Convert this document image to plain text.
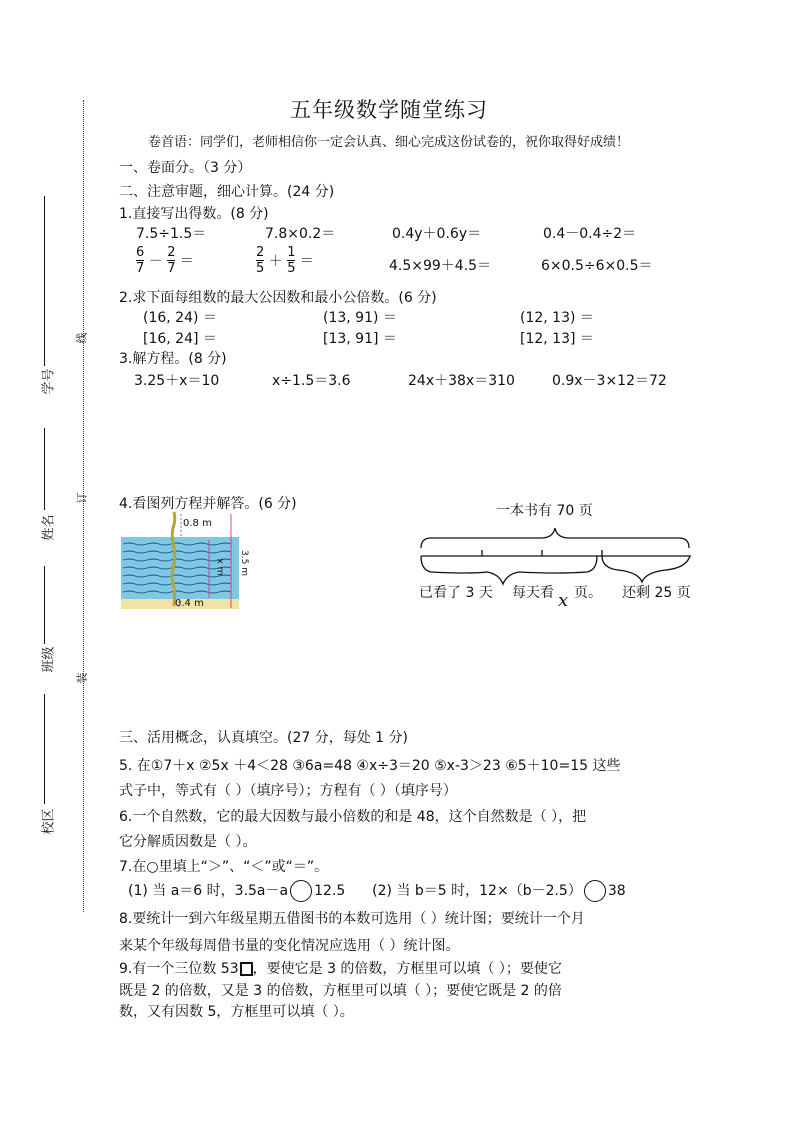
学号
姓名
班级
校区
线
订
装
五年级数学随堂练习
卷首语：同学们，老师相信你一定会认真、细心完成这份试卷的，祝你取得好成绩！
一、卷面分。（3 分）
二、注意审题，细心计算。(24 分)
1.直接写出得数。(8 分)
7.5÷1.5＝	7.8×0.2＝	0.4y＋0.6y＝	0.4－0.4÷2＝
$\frac{6}{7} - \frac{2}{7}$ ＝	$\frac{2}{5} + \frac{1}{5}$ ＝	4.5×99＋4.5＝	6×0.5÷6×0.5＝
2.求下面每组数的最大公因数和最小公倍数。(6 分)
(16, 24) ＝	(13, 91) ＝	(12, 13) ＝
[16, 24] ＝	[13, 91] ＝	[12, 13] ＝
3.解方程。(8 分)
3.25＋x＝10	x÷1.5＝3.6	24x＋38x＝310	0.9x－3×12＝72
4.看图列方程并解答。(6 分)
0.8 m
x m 3.5 m
0.4 m
一本书有 70 页
已看了 3 天 每天看 x 页。 还剩 25 页
三、活用概念，认真填空。(27 分，每处 1 分)
5. 在①7＋x ②5x ＋4＜28 ③6a=48 ④x÷3＝20 ⑤x-3＞23 ⑥5＋10=15 这些
式子中，等式有（ ）（填序号）；方程有（ ）（填序号）
6.一个自然数，它的最大因数与最小倍数的和是 48，这个自然数是（ ），把
它分解质因数是（ ）。
7.在○里填上“＞”、“＜”或“＝”。
(1) 当 a＝6 时，3.5a－a 12.5 (2) 当 b＝5 时，12×（b－2.5） 38
8.要统计一到六年级星期五借图书的本数可选用（ ）统计图；要统计一个月
来某个年级每周借书量的变化情况应选用（ ）统计图。
9.有一个三位数 53 ，要使它是 3 的倍数，方框里可以填（ ）；要使它
既是 2 的倍数，又是 3 的倍数，方框里可以填（ ）；要使它既是 2 的倍
数，又有因数 5，方框里可以填（ ）。
